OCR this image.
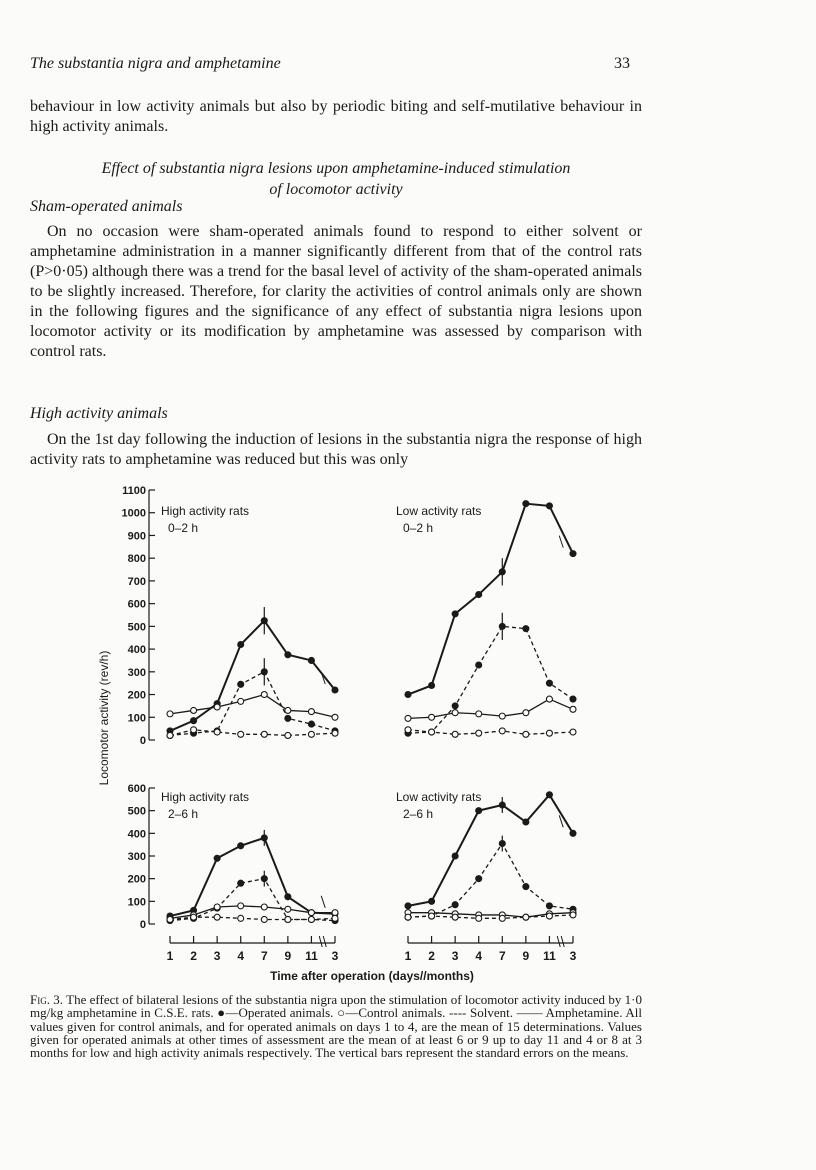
The substantia nigra and amphetamine	33
behaviour in low activity animals but also by periodic biting and self-mutilative behaviour in high activity animals.
Effect of substantia nigra lesions upon amphetamine-induced stimulation
of locomotor activity
Sham-operated animals
On no occasion were sham-operated animals found to respond to either solvent or amphetamine administration in a manner significantly different from that of the control rats (P>0·05) although there was a trend for the basal level of activity of the sham-operated animals to be slightly increased. Therefore, for clarity the activities of control animals only are shown in the following figures and the significance of any effect of substantia nigra lesions upon locomotor activity or its modification by amphetamine was assessed by comparison with control rats.
High activity animals
On the 1st day following the induction of lesions in the substantia nigra the response of high activity rats to amphetamine was reduced but this was only
0
100
200
300
400
500
600
700
800
900
1000
1100
High activity rats
0–2 h
Low activity rats
0–2 h
0
100
200
300
400
500
600
High activity rats
2–6 h
Low activity rats
2–6 h
1 2 3 4 7 9 11 3	1 2 3 4 7 9 11 3
Time after operation (days//months)
Locomotor activity (rev/h)
Fig. 3. The effect of bilateral lesions of the substantia nigra upon the stimulation of locomotor activity induced by 1·0 mg/kg amphetamine in C.S.E. rats. ●—Operated animals. ○—Control animals. ---- Solvent. —— Amphetamine. All values given for control animals, and for operated animals on days 1 to 4, are the mean of 15 determinations. Values given for operated animals at other times of assessment are the mean of at least 6 or 9 up to day 11 and 4 or 8 at 3 months for low and high activity animals respectively. The vertical bars represent the standard errors on the means.
